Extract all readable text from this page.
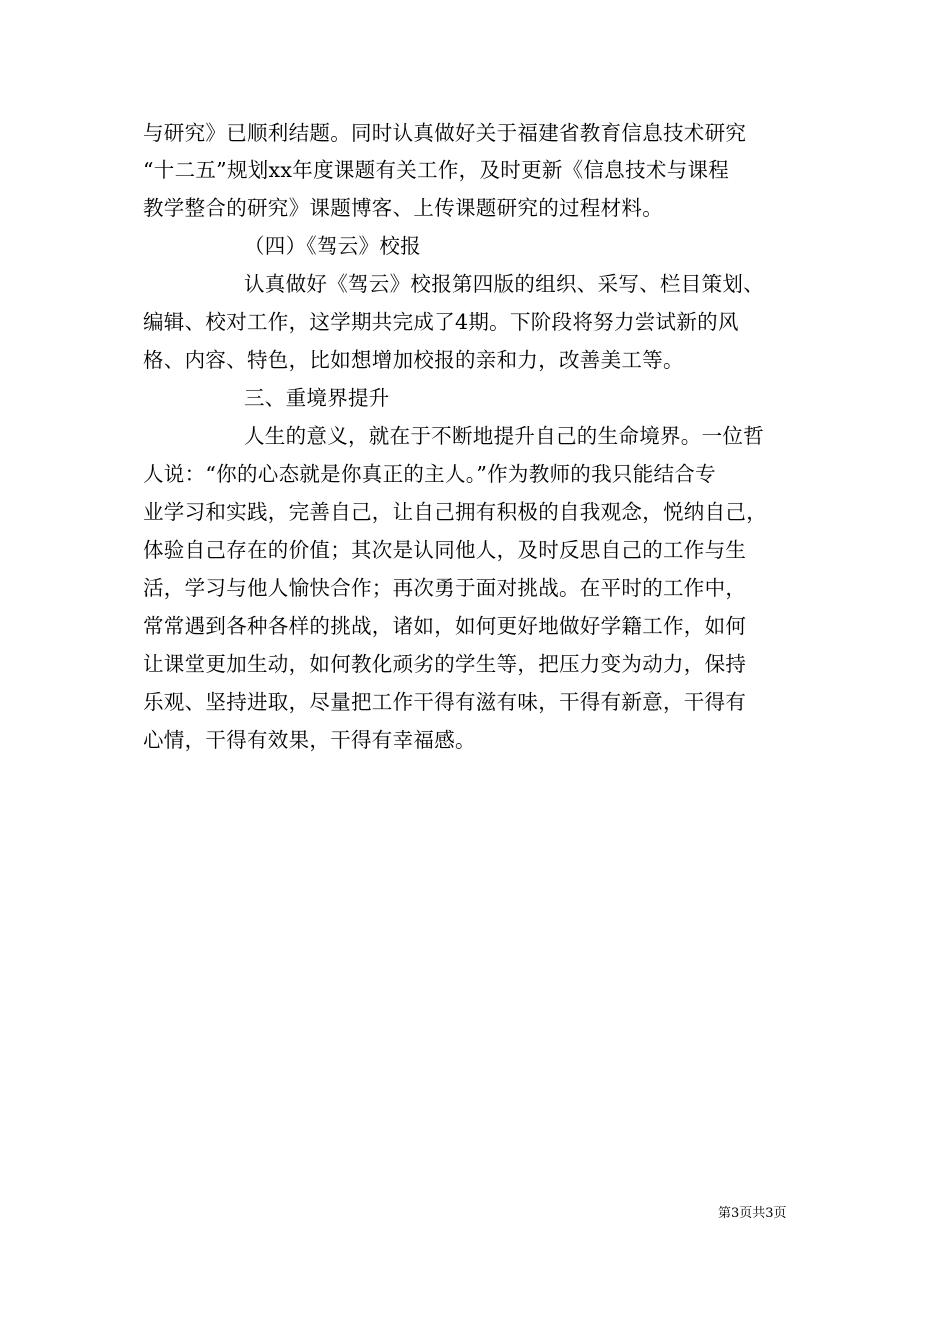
与研究》已顺利结题。同时认真做好关于福建省教育信息技术研究
“十二五”规划xx年度课题有关工作，及时更新《信息技术与课程
教学整合的研究》课题博客、上传课题研究的过程材料。
（四）《驾云》校报
认真做好《驾云》校报第四版的组织、采写、栏目策划、
编辑、校对工作，这学期共完成了4期。下阶段将努力尝试新的风
格、内容、特色，比如想增加校报的亲和力，改善美工等。
三、重境界提升
人生的意义，就在于不断地提升自己的生命境界。一位哲
人说：“你的心态就是你真正的主人。”作为教师的我只能结合专
业学习和实践，完善自己，让自己拥有积极的自我观念，悦纳自己，
体验自己存在的价值；其次是认同他人，及时反思自己的工作与生
活，学习与他人愉快合作；再次勇于面对挑战。在平时的工作中，
常常遇到各种各样的挑战，诸如，如何更好地做好学籍工作，如何
让课堂更加生动，如何教化顽劣的学生等，把压力变为动力，保持
乐观、坚持进取，尽量把工作干得有滋有味，干得有新意，干得有
心情，干得有效果，干得有幸福感。
第3页共3页
